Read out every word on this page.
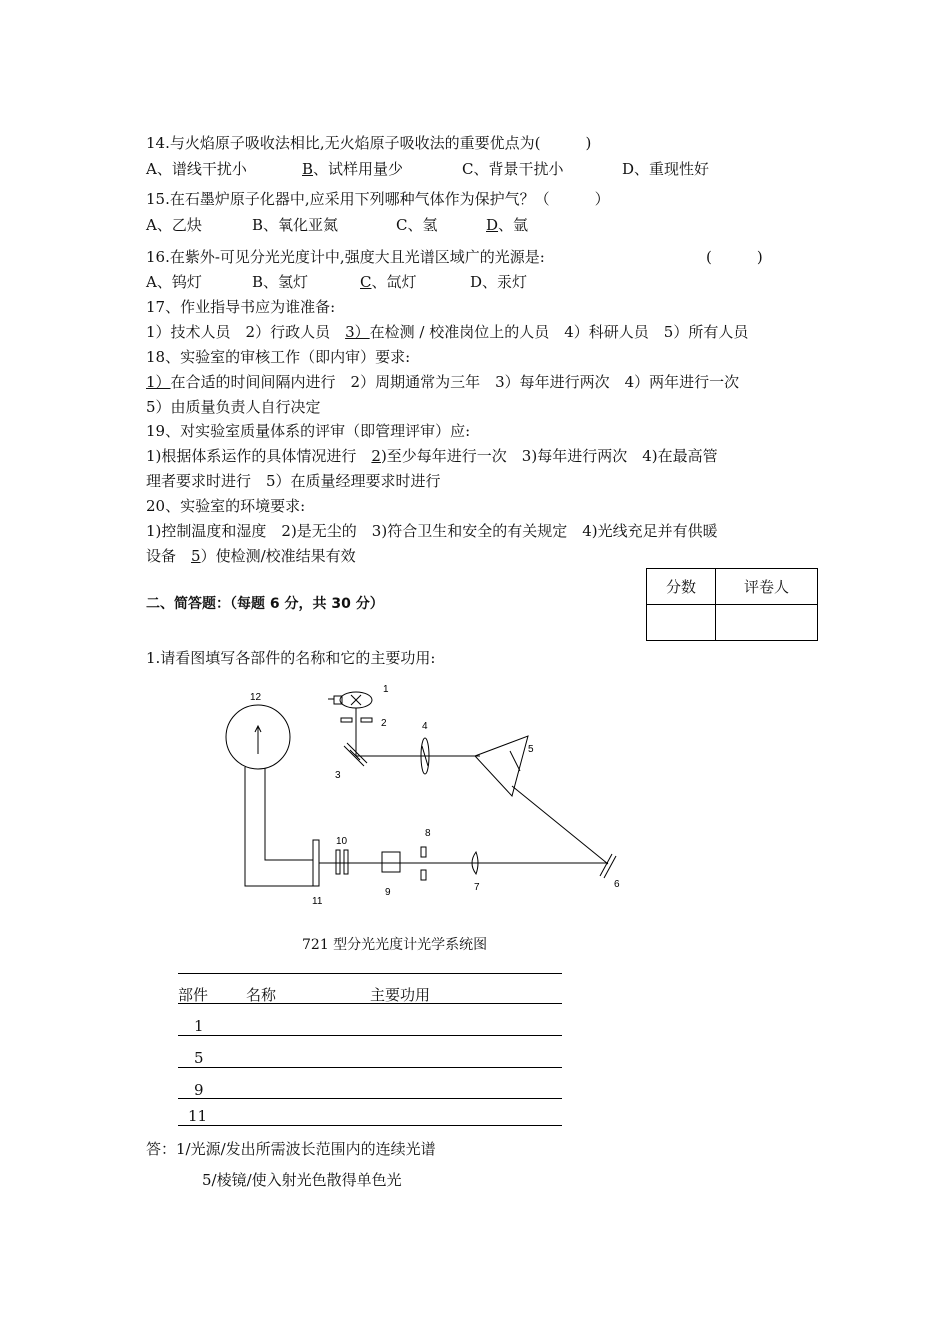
14.与火焰原子吸收法相比,无火焰原子吸收法的重要优点为(　　　)
A、谱线干扰小	B、试样用量少	C、背景干扰小	D、重现性好
15.在石墨炉原子化器中,应采用下列哪种气体作为保护气？（　　　）
A、乙炔	B、氧化亚氮	C、氢	D、氩
16.在紫外-可见分光光度计中,强度大且光谱区域广的光源是:	(　　　)
A、钨灯	B、氢灯	C、氙灯	D、汞灯
17、作业指导书应为谁准备:
1）技术人员　2）行政人员　3）在检测 / 校准岗位上的人员　4）科研人员　5）所有人员
18、实验室的审核工作（即内审）要求:
1）在合适的时间间隔内进行　2）周期通常为三年　3）每年进行两次　4）两年进行一次
5）由质量负责人自行决定
19、对实验室质量体系的评审（即管理评审）应:
1)根据体系运作的具体情况进行　2)至少每年进行一次　3)每年进行两次　4)在最高管
理者要求时进行　5）在质量经理要求时进行
20、实验室的环境要求:
1)控制温度和湿度　2)是无尘的　3)符合卫生和安全的有关规定　4)光线充足并有供暖
设备　5）使检测/校准结果有效
分数	评卷人

二、简答题：（每题 6 分，共 30 分）
1.请看图填写各部件的名称和它的主要功用:
1
2
3
4
5
6
7
8
9
10
11
12
721 型分光光度计光学系统图
部件	名称	主要功用
1
5
9
11
答：1/光源/发出所需波长范围内的连续光谱
5/棱镜/使入射光色散得单色光
